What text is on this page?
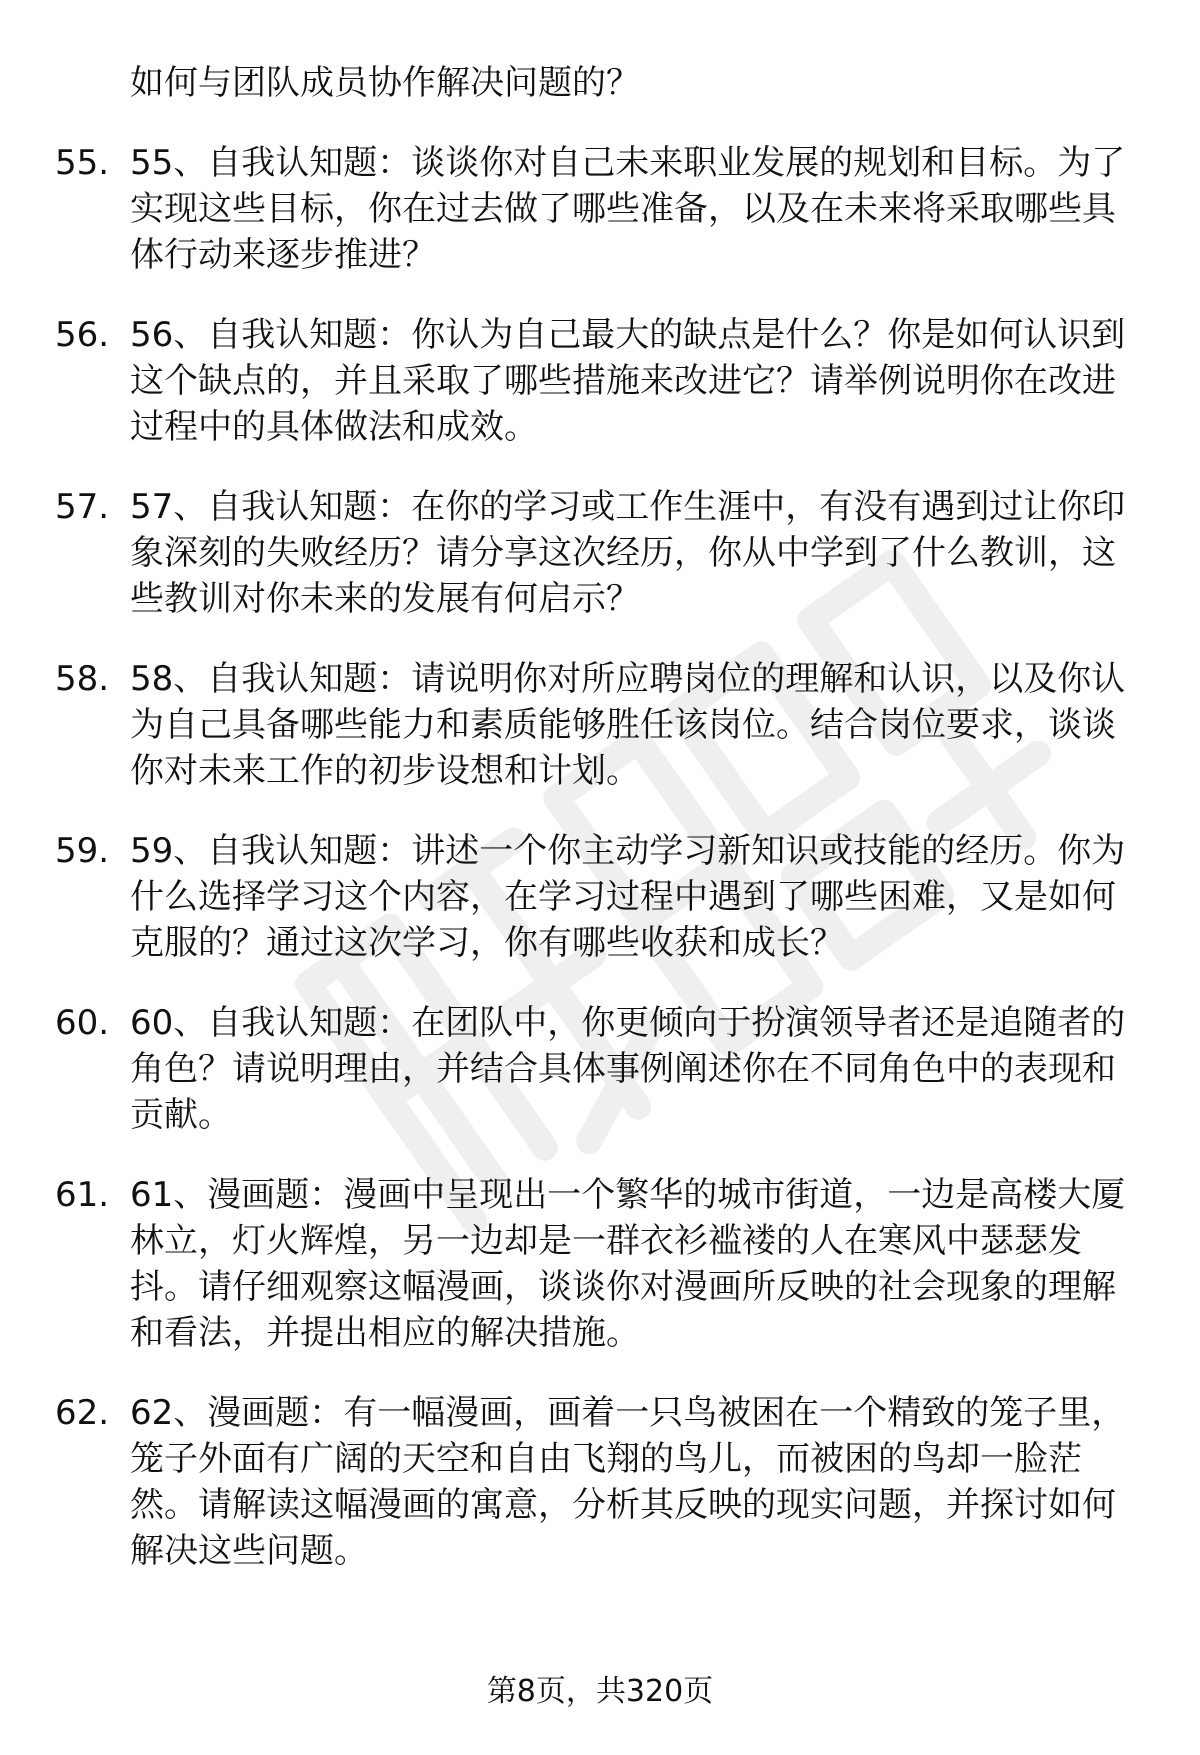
如何与团队成员协作解决问题的？

55. 55、自我认知题：谈谈你对自己未来职业发展的规划和目标。为了实现这些目标，你在过去做了哪些准备，以及在未来将采取哪些具体行动来逐步推进？

56. 56、自我认知题：你认为自己最大的缺点是什么？你是如何认识到这个缺点的，并且采取了哪些措施来改进它？请举例说明你在改进过程中的具体做法和成效。

57. 57、自我认知题：在你的学习或工作生涯中，有没有遇到过让你印象深刻的失败经历？请分享这次经历，你从中学到了什么教训，这些教训对你未来的发展有何启示？

58. 58、自我认知题：请说明你对所应聘岗位的理解和认识，以及你认为自己具备哪些能力和素质能够胜任该岗位。结合岗位要求，谈谈你对未来工作的初步设想和计划。

59. 59、自我认知题：讲述一个你主动学习新知识或技能的经历。你为什么选择学习这个内容，在学习过程中遇到了哪些困难，又是如何克服的？通过这次学习，你有哪些收获和成长？

60. 60、自我认知题：在团队中，你更倾向于扮演领导者还是追随者的角色？请说明理由，并结合具体事例阐述你在不同角色中的表现和贡献。

61. 61、漫画题：漫画中呈现出一个繁华的城市街道，一边是高楼大厦林立，灯火辉煌，另一边却是一群衣衫褴褛的人在寒风中瑟瑟发抖。请仔细观察这幅漫画，谈谈你对漫画所反映的社会现象的理解和看法，并提出相应的解决措施。

62. 62、漫画题：有一幅漫画，画着一只鸟被困在一个精致的笼子里，笼子外面有广阔的天空和自由飞翔的鸟儿，而被困的鸟却一脸茫然。请解读这幅漫画的寓意，分析其反映的现实问题，并探讨如何解决这些问题。

第8页，共320页
